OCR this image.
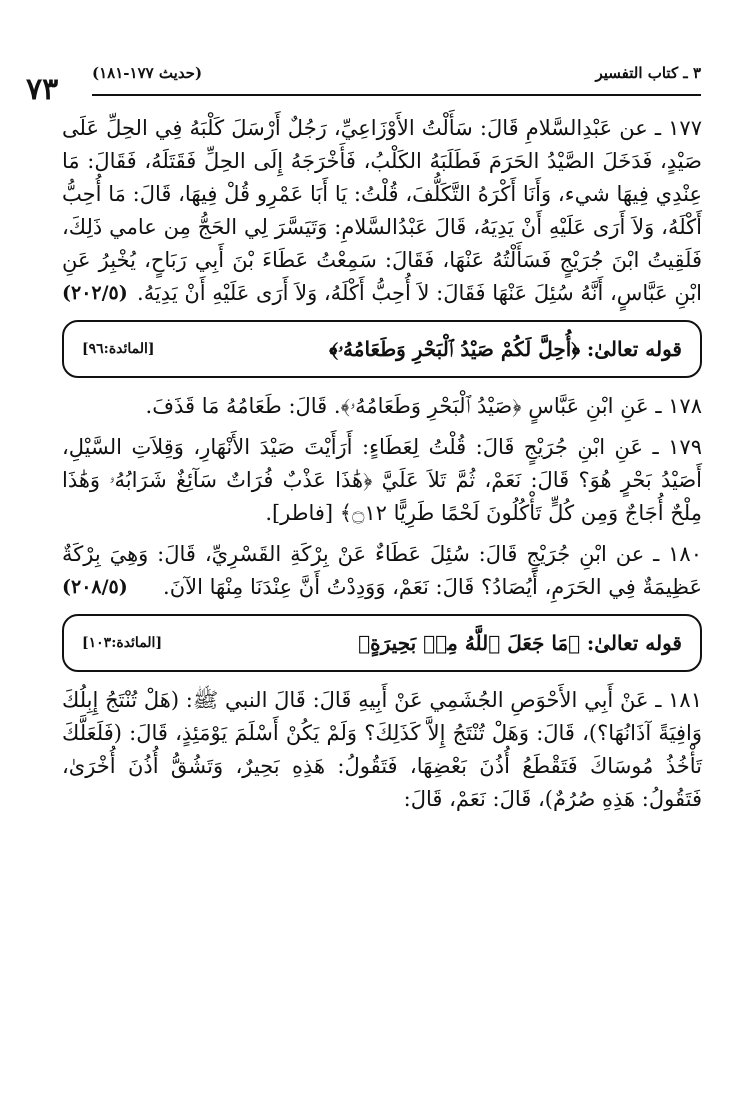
٧٣ (حديث ١٧٧-١٨١)	٣ ـ كتاب التفسير
١٧٧ ـ عن عَبْدِالسَّلامِ قَالَ: سَأَلْتُ الأَوْزَاعِيِّ، رَجُلٌ أَرْسَلَ كَلْبَهُ فِي الحِلِّ عَلَى صَيْدٍ، فَدَخَلَ الصَّيْدُ الحَرَمَ فَطَلَبَهُ الكَلْبُ، فَأَخْرَجَهُ إِلَى الحِلِّ فَقَتَلَهُ، فَقَالَ: مَا عِنْدِي فِيهَا شيء، وَأَنَا أَكْرَهُ التَّكَلُّفَ، قُلْتُ: يَا أَبَا عَمْرِو قُلْ فِيهَا، قَالَ: مَا أُحِبُّ أَكْلَهُ، وَلاَ أَرَى عَلَيْهِ أَنْ يَدِيَهُ، قَالَ عَبْدُالسَّلامِ: وَتَيَسَّرَ لِي الحَجُّ مِن عامي ذَلِكَ، فَلَقِيتُ ابْنَ جُرَيْجٍ فَسَأَلْتُهُ عَنْهَا، فَقَالَ: سَمِعْتُ عَطَاءَ بْنَ أَبِي رَبَاحٍ، يُخْبِرُ عَنِ ابْنِ عَبَّاسٍ، أَنَّهُ سُئِلَ عَنْهَا فَقَالَ: لاَ أُحِبُّ أَكْلَهُ، وَلاَ أَرَى عَلَيْهِ أَنْ يَدِيَهُ.
(٢٠٢/٥)
قوله تعالىٰ: ﴿أُحِلَّ لَكُمْ صَيْدُ ٱلْبَحْرِ وَطَعَامُهُۥ﴾
[المائدة:٩٦]
١٧٨ ـ عَنِ ابْنِ عَبَّاسٍ ﴿صَيْدُ ٱلْبَحْرِ وَطَعَامُهُۥ﴾. قَالَ: طَعَامُهُ مَا قَذَفَ.
١٧٩ ـ عَنِ ابْنِ جُرَيْجٍ قَالَ: قُلْتُ لِعَطَاءٍ: أَرَأَيْتَ صَيْدَ الأَنْهَارِ، وَقِلاَتِ السَّيْلِ، أَصَيْدُ بَحْرٍ هُوَ؟ قَالَ: نَعَمْ، ثُمَّ تَلاَ عَلَيَّ ﴿هَٰذَا عَذْبٌ فُرَاتٌ سَآئِغٌ شَرَابُهُۥ وَهَٰذَا مِلْحٌ أُجَاجٌ وَمِن كُلٍّ تَأْكُلُونَ لَحْمًا طَرِيًّا ۝١٢﴾ [فاطر].
١٨٠ ـ عن ابْنِ جُرَيْجٍ قَالَ: سُئِلَ عَطَاءٌ عَنْ بِرْكَةِ القَسْرِيِّ، قَالَ: وَهِيَ بِرْكَةٌ عَظِيمَةٌ فِي الحَرَمِ، أَيُصَادُ؟ قَالَ: نَعَمْ، وَوَدِدْتُ أَنَّ عِنْدَنَا مِنْهَا الآنَ.
(٢٠٨/٥)
قوله تعالىٰ: ﴿مَا جَعَلَ ٱللَّهُ مِنۢ بَحِيرَةٍ﴾
[المائدة:١٠٣]
١٨١ ـ عَنْ أَبِي الأَحْوَصِ الجُشَمِي عَنْ أَبِيهِ قَالَ: قَالَ النبي ﷺ: (هَلْ تُنْتَجُ إِبِلُكَ وَافِيَةً آذَانُهَا؟)، قَالَ: وَهَلْ تُنْتَجُ إِلاَّ كَذَلِكَ؟ وَلَمْ يَكُنْ أَسْلَمَ يَوْمَئِذٍ، قَالَ: (فَلَعَلَّكَ تَأْخُذُ مُوسَاكَ فَتَقْطَعُ أُذُنَ بَعْضِهَا، فَتَقُولُ: هَذِهِ بَحِيرٌ، وَتَشُقُّ أُذُنَ أُخْرَىٰ، فَتَقُولُ: هَذِهِ صُرُمٌ)، قَالَ: نَعَمْ، قَالَ:
